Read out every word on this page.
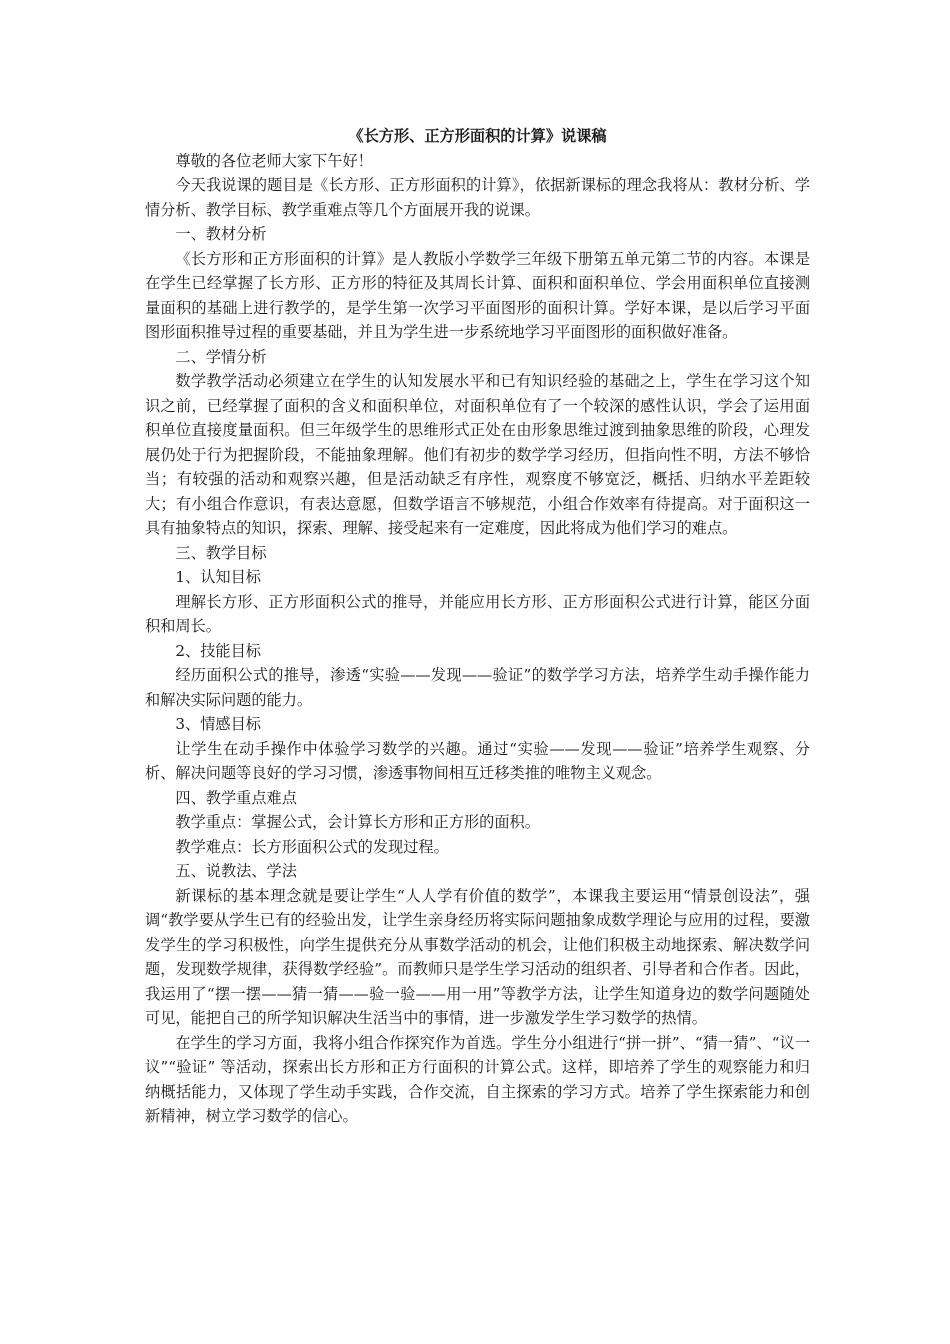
《长方形、正方形面积的计算》说课稿

尊敬的各位老师大家下午好！

今天我说课的题目是《长方形、正方形面积的计算》，依据新课标的理念我将从：教材分析、学情分析、教学目标、教学重难点等几个方面展开我的说课。

一、教材分析

《长方形和正方形面积的计算》是人教版小学数学三年级下册第五单元第二节的内容。本课是在学生已经掌握了长方形、正方形的特征及其周长计算、面积和面积单位、学会用面积单位直接测量面积的基础上进行教学的，是学生第一次学习平面图形的面积计算。学好本课，是以后学习平面图形面积推导过程的重要基础，并且为学生进一步系统地学习平面图形的面积做好准备。

二、学情分析

数学教学活动必须建立在学生的认知发展水平和已有知识经验的基础之上，学生在学习这个知识之前，已经掌握了面积的含义和面积单位，对面积单位有了一个较深的感性认识，学会了运用面积单位直接度量面积。但三年级学生的思维形式正处在由形象思维过渡到抽象思维的阶段，心理发展仍处于行为把握阶段，不能抽象理解。他们有初步的数学学习经历，但指向性不明，方法不够恰当；有较强的活动和观察兴趣，但是活动缺乏有序性，观察度不够宽泛，概括、归纳水平差距较大；有小组合作意识，有表达意愿，但数学语言不够规范，小组合作效率有待提高。对于面积这一具有抽象特点的知识，探索、理解、接受起来有一定难度，因此将成为他们学习的难点。

三、教学目标

1、认知目标

理解长方形、正方形面积公式的推导，并能应用长方形、正方形面积公式进行计算，能区分面积和周长。

2、技能目标

经历面积公式的推导，渗透“实验——发现——验证”的数学学习方法，培养学生动手操作能力和解决实际问题的能力。

3、情感目标

让学生在动手操作中体验学习数学的兴趣。通过“实验——发现——验证”培养学生观察、分析、解决问题等良好的学习习惯，渗透事物间相互迁移类推的唯物主义观念。

四、教学重点难点

教学重点：掌握公式，会计算长方形和正方形的面积。

教学难点：长方形面积公式的发现过程。

五、说教法、学法

新课标的基本理念就是要让学生“人人学有价值的数学”，本课我主要运用“情景创设法”，强调“教学要从学生已有的经验出发，让学生亲身经历将实际问题抽象成数学理论与应用的过程，要激发学生的学习积极性，向学生提供充分从事数学活动的机会，让他们积极主动地探索、解决数学问题，发现数学规律，获得数学经验”。而教师只是学生学习活动的组织者、引导者和合作者。因此，我运用了“摆一摆——猜一猜——验一验——用一用”等教学方法，让学生知道身边的数学问题随处可见，能把自己的所学知识解决生活当中的事情，进一步激发学生学习数学的热情。

在学生的学习方面，我将小组合作探究作为首选。学生分小组进行“拼一拼”、“猜一猜”、“议一议”“验证” 等活动，探索出长方形和正方行面积的计算公式。这样，即培养了学生的观察能力和归纳概括能力，又体现了学生动手实践，合作交流，自主探索的学习方式。培养了学生探索能力和创新精神，树立学习数学的信心。
